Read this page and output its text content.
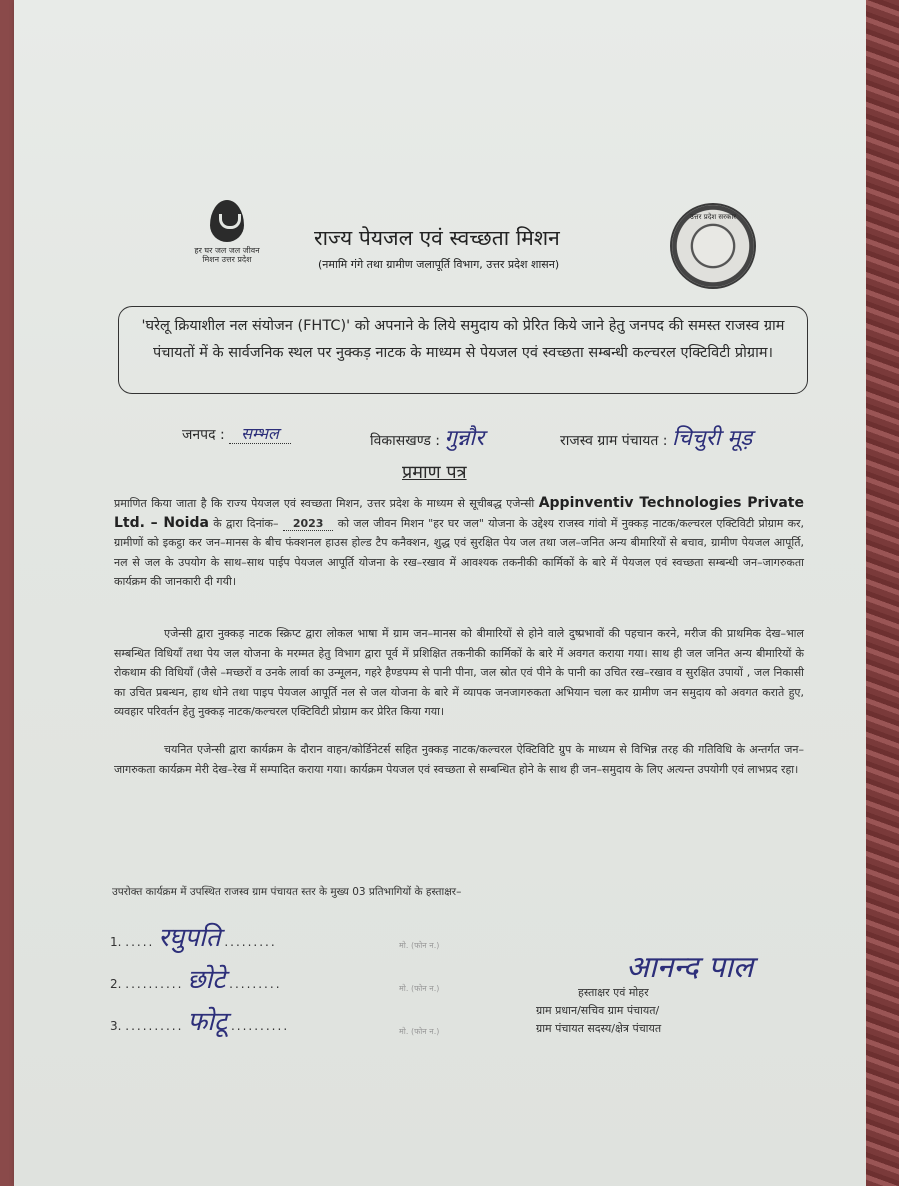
हर घर जल जल जीवन मिशन उत्तर प्रदेश
राज्य पेयजल एवं स्वच्छता मिशन
(नमामि गंगे तथा ग्रामीण जलापूर्ति विभाग, उत्तर प्रदेश शासन)
उत्तर प्रदेश सरकार
'घरेलू क्रियाशील नल संयोजन (FHTC)' को अपनाने के लिये समुदाय को प्रेरित किये जाने हेतु जनपद की समस्त राजस्व ग्राम पंचायतों में के सार्वजनिक स्थल पर नुक्कड़ नाटक के माध्यम से पेयजल एवं स्वच्छता सम्बन्धी कल्चरल एक्टिविटी प्रोग्राम।
जनपद : सम्भल	विकासखण्ड : गुन्नौर	राजस्व ग्राम पंचायत : चिचुरी मूड़
प्रमाण पत्र
प्रमाणित किया जाता है कि राज्य पेयजल एवं स्वच्छता मिशन, उत्तर प्रदेश के माध्यम से सूचीबद्ध एजेन्सी Appinventiv Technologies Private Ltd. – Noida के द्वारा दिनांक– 2023 को जल जीवन मिशन "हर घर जल" योजना के उद्देश्य राजस्व गांवो में नुक्कड़ नाटक/कल्चरल एक्टिविटी प्रोग्राम कर, ग्रामीणों को इकट्ठा कर जन–मानस के बीच फंक्शनल हाउस होल्ड टैप कनैक्शन, शुद्ध एवं सुरक्षित पेय जल तथा जल–जनित अन्य बीमारियों से बचाव, ग्रामीण पेयजल आपूर्ति, नल से जल के उपयोग के साथ–साथ पाईप पेयजल आपूर्ति योजना के रख–रखाव में आवश्यक तकनीकी कार्मिकों के बारे में पेयजल एवं स्वच्छता सम्बन्धी जन–जागरुकता कार्यक्रम की जानकारी दी गयी।
एजेन्सी द्वारा नुक्कड़ नाटक स्क्रिप्ट द्वारा लोकल भाषा में ग्राम जन–मानस को बीमारियों से होने वाले दुष्प्रभावों की पहचान करने, मरीज की प्राथमिक देख–भाल सम्बन्धित विधियाँ तथा पेय जल योजना के मरम्मत हेतु विभाग द्वारा पूर्व में प्रशिक्षित तकनीकी कार्मिकों के बारे में अवगत कराया गया। साथ ही जल जनित अन्य बीमारियों के रोकथाम की विधियाँ (जैसे –मच्छरों व उनके लार्वा का उन्मूलन, गहरे हैण्डपम्प से पानी पीना, जल स्रोत एवं पीने के पानी का उचित रख–रखाव व सुरक्षित उपायों , जल निकासी का उचित प्रबन्धन, हाथ धोने तथा पाइप पेयजल आपूर्ति नल से जल योजना के बारे में व्यापक जनजागरुकता अभियान चला कर ग्रामीण जन समुदाय को अवगत कराते हुए, व्यवहार परिवर्तन हेतु नुक्कड़ नाटक/कल्चरल एक्टिविटी प्रोग्राम कर प्रेरित किया गया।
चयनित एजेन्सी द्वारा कार्यक्रम के दौरान वाहन/कोर्डिनेटर्स सहित नुक्कड़ नाटक/कल्चरल ऐक्टिविटि ग्रुप के माध्यम से विभिन्न तरह की गतिविधि के अन्तर्गत जन–जागरुकता कार्यक्रम मेरी देख–रेख में सम्पादित कराया गया। कार्यक्रम पेयजल एवं स्वच्छता से सम्बन्धित होने के साथ ही जन–समुदाय के लिए अत्यन्त उपयोगी एवं लाभप्रद रहा।
उपरोक्त कार्यक्रम में उपस्थित राजस्व ग्राम पंचायत स्तर के मुख्य 03 प्रतिभागियों के हस्ताक्षर–
1. ..... रघुपति .........	मो. (फोन न.)
2. .......... छोटे .........	मो. (फोन न.)
3. .......... फोटू ..........	मो. (फोन न.)
आनन्द पाल
हस्ताक्षर एवं मोहर
ग्राम प्रधान/सचिव ग्राम पंचायत/
ग्राम पंचायत सदस्य/क्षेत्र पंचायत
